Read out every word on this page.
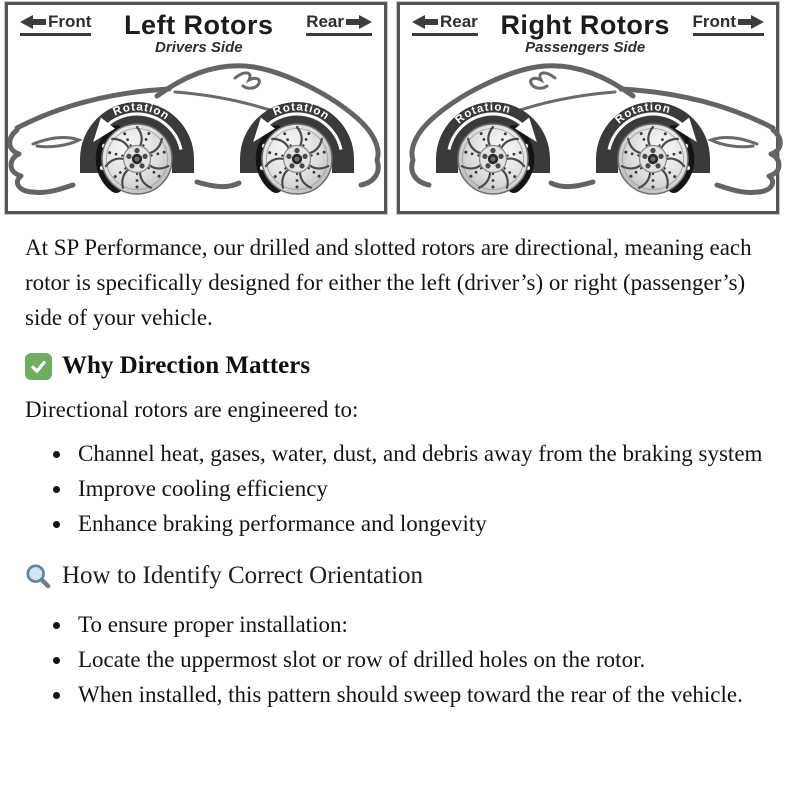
Front Left Rotors
Drivers Side
Rear	Rear Right Rotors
Passengers Side
Front

At SP Performance, our drilled and slotted rotors are directional, meaning each rotor is specifically designed for either the left (driver’s) or right (passenger’s) side of your vehicle.

Why Direction Matters

Directional rotors are engineered to:

• Channel heat, gases, water, dust, and debris away from the braking system
• Improve cooling efficiency
• Enhance braking performance and longevity
How to Identify Correct Orientation
• To ensure proper installation:
• Locate the uppermost slot or row of drilled holes on the rotor.
• When installed, this pattern should sweep toward the rear of the vehicle.
